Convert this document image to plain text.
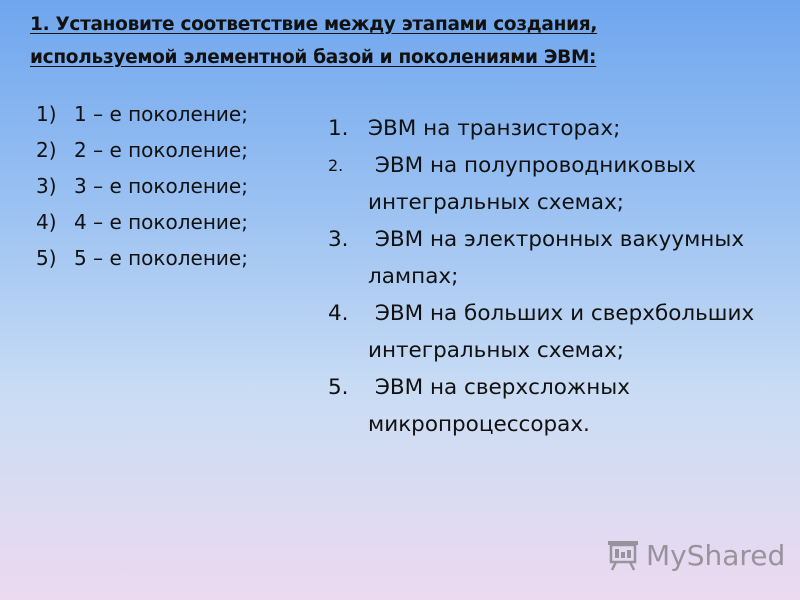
1. Установите соответствие между этапами создания,
используемой элементной базой и поколениями ЭВМ:
1) 1 – е поколение;
2) 2 – е поколение;
3) 3 – е поколение;
4) 4 – е поколение;
5) 5 – е поколение;
1. ЭВМ на транзисторах;
2.	ЭВМ на полупроводниковых интегральных схемах;
3. ЭВМ на электронных вакуумных лампах;
4. ЭВМ на больших и сверхбольших интегральных схемах;
5. ЭВМ на сверхсложных микропроцессорах.
MyShared
